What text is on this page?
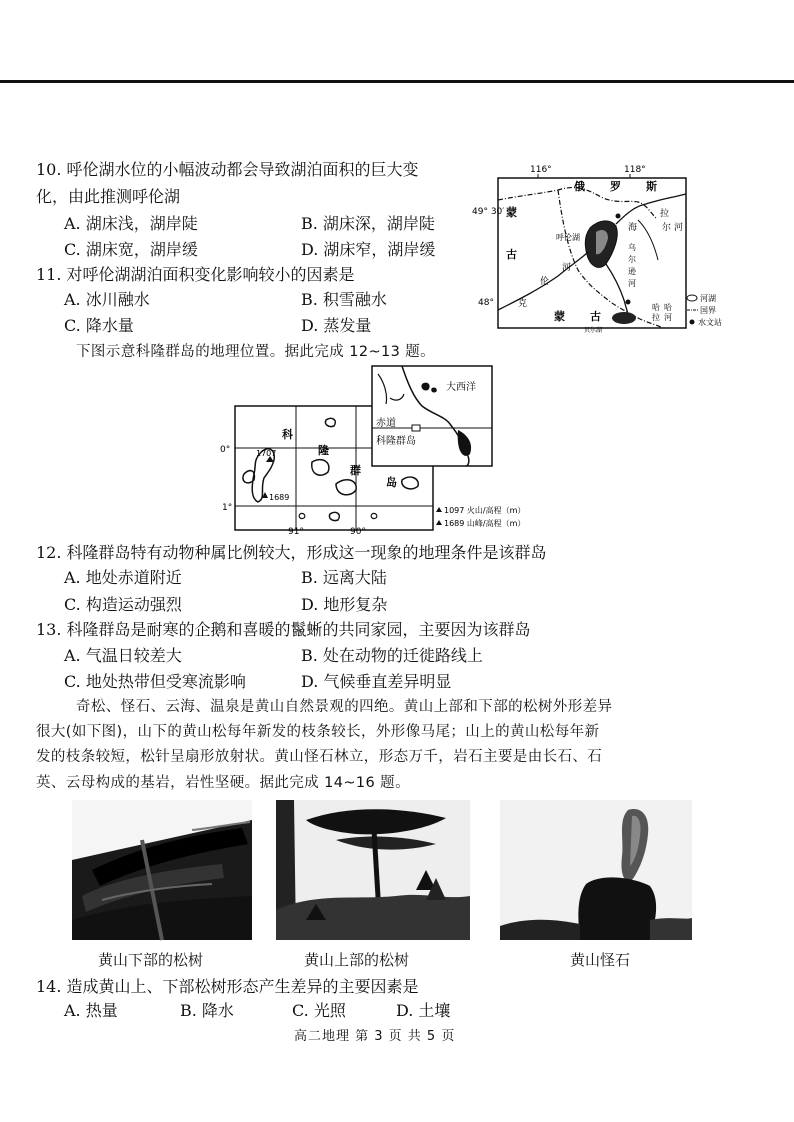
10. 呼伦湖水位的小幅波动都会导致湖泊面积的巨大变
化，由此推测呼伦湖
A. 湖床浅，湖岸陡	B. 湖床深，湖岸陡
C. 湖床宽，湖岸缓	D. 湖床窄，湖岸缓
11. 对呼伦湖湖泊面积变化影响较小的因素是
A. 冰川融水	B. 积雪融水
C. 降水量	D. 蒸发量
116°	118°
49° 30′
48°
俄 罗 斯
蒙
古
蒙 古
呼伦湖
海
拉
尔 河
乌
尔
逊
河
克
伦
河
贝尔湖
哈
拉
哈
河
河湖
国界
水文站
下图示意科隆群岛的地理位置。据此完成 12~13 题。
0°
1°
91°	90°
1707
1689
科
隆
群
岛
大西洋
赤道
科隆群岛
1097 火山/高程（m）
1689 山峰/高程（m）
12. 科隆群岛特有动物种属比例较大，形成这一现象的地理条件是该群岛
A. 地处赤道附近	B. 远离大陆
C. 构造运动强烈	D. 地形复杂
13. 科隆群岛是耐寒的企鹅和喜暖的鬣蜥的共同家园，主要因为该群岛
A. 气温日较差大	B. 处在动物的迁徙路线上
C. 地处热带但受寒流影响	D. 气候垂直差异明显
奇松、怪石、云海、温泉是黄山自然景观的四绝。黄山上部和下部的松树外形差异
很大(如下图)，山下的黄山松每年新发的枝条较长，外形像马尾；山上的黄山松每年新
发的枝条较短，松针呈扇形放射状。黄山怪石林立，形态万千，岩石主要是由长石、石
英、云母构成的基岩，岩性坚硬。据此完成 14~16 题。
黄山下部的松树	黄山上部的松树	黄山怪石
14. 造成黄山上、下部松树形态产生差异的主要因素是
A. 热量	B. 降水	C. 光照	D. 土壤
高二地理 第 3 页 共 5 页
